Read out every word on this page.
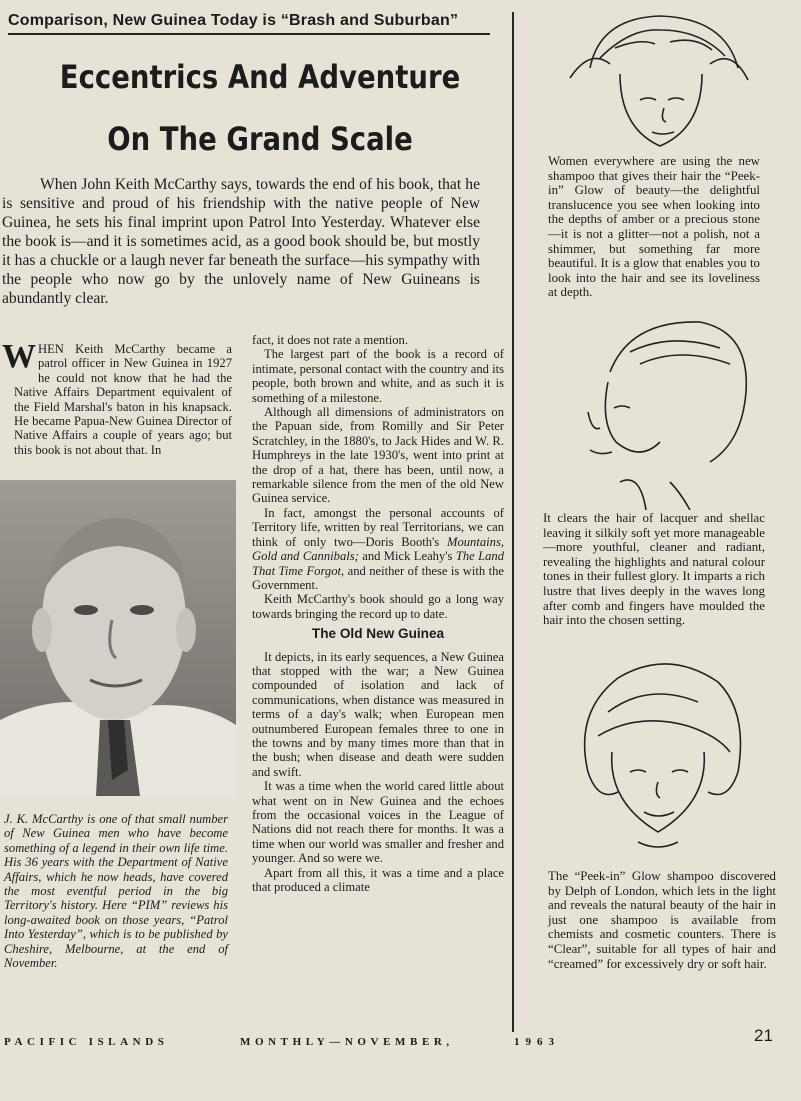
Comparison, New Guinea Today is “Brash and Suburban”
Eccentrics And Adventure
On The Grand Scale
When John Keith McCarthy says, towards the end of his book, that he is sensitive and proud of his friendship with the native people of New Guinea, he sets his final imprint upon Patrol Into Yesterday. Whatever else the book is—and it is sometimes acid, as a good book should be, but mostly it has a chuckle or a laugh never far beneath the surface—his sympathy with the people who now go by the unlovely name of New Guineans is abundantly clear.

WHEN Keith McCarthy became a patrol officer in New Guinea in 1927 he could not know that he had the Native Affairs Department equivalent of the Field Marshal's baton in his knapsack. He became Papua-New Guinea Director of Native Affairs a couple of years ago; but this book is not about that. In

J. K. McCarthy is one of that small number of New Guinea men who have become something of a legend in their own life time. His 36 years with the Department of Native Affairs, which he now heads, have covered the most eventful period in the big Territory's history. Here “PIM” reviews his long-awaited book on those years, “Patrol Into Yesterday”, which is to be published by Cheshire, Melbourne, at the end of November.

fact, it does not rate a mention.

The largest part of the book is a record of intimate, personal contact with the country and its people, both brown and white, and as such it is something of a milestone.

Although all dimensions of administrators on the Papuan side, from Romilly and Sir Peter Scratchley, in the 1880's, to Jack Hides and W. R. Humphreys in the late 1930's, went into print at the drop of a hat, there has been, until now, a remarkable silence from the men of the old New Guinea service.

In fact, amongst the personal accounts of Territory life, written by real Territorians, we can think of only two—Doris Booth's Mountains, Gold and Cannibals; and Mick Leahy's The Land That Time Forgot, and neither of these is with the Government.

Keith McCarthy's book should go a long way towards bringing the record up to date.

The Old New Guinea

It depicts, in its early sequences, a New Guinea that stopped with the war; a New Guinea compounded of isolation and lack of communications, when distance was measured in terms of a day's walk; when European men outnumbered European females three to one in the towns and by many times more than that in the bush; when disease and death were sudden and swift.

It was a time when the world cared little about what went on in New Guinea and the echoes from the occasional voices in the League of Nations did not reach there for months. It was a time when our world was smaller and fresher and younger. And so were we.

Apart from all this, it was a time and a place that produced a climate

Women everywhere are using the new shampoo that gives their hair the “Peek-in” Glow of beauty—the delightful translucence you see when looking into the depths of amber or a precious stone—it is not a glitter—not a polish, not a shimmer, but something far more beautiful. It is a glow that enables you to look into the hair and see its loveliness at depth.
It clears the hair of lacquer and shellac leaving it silkily soft yet more manageable—more youthful, cleaner and radiant, revealing the highlights and natural colour tones in their fullest glory. It imparts a rich lustre that lives deeply in the waves long after comb and fingers have moulded the hair into the chosen setting.
The “Peek-in” Glow shampoo discovered by Delph of London, which lets in the light and reveals the natural beauty of the hair in just one shampoo is available from chemists and cosmetic counters. There is “Clear”, suitable for all types of hair and “creamed” for excessively dry or soft hair.
PACIFIC ISLANDS	MONTHLY—NOVEMBER,	1963	21
